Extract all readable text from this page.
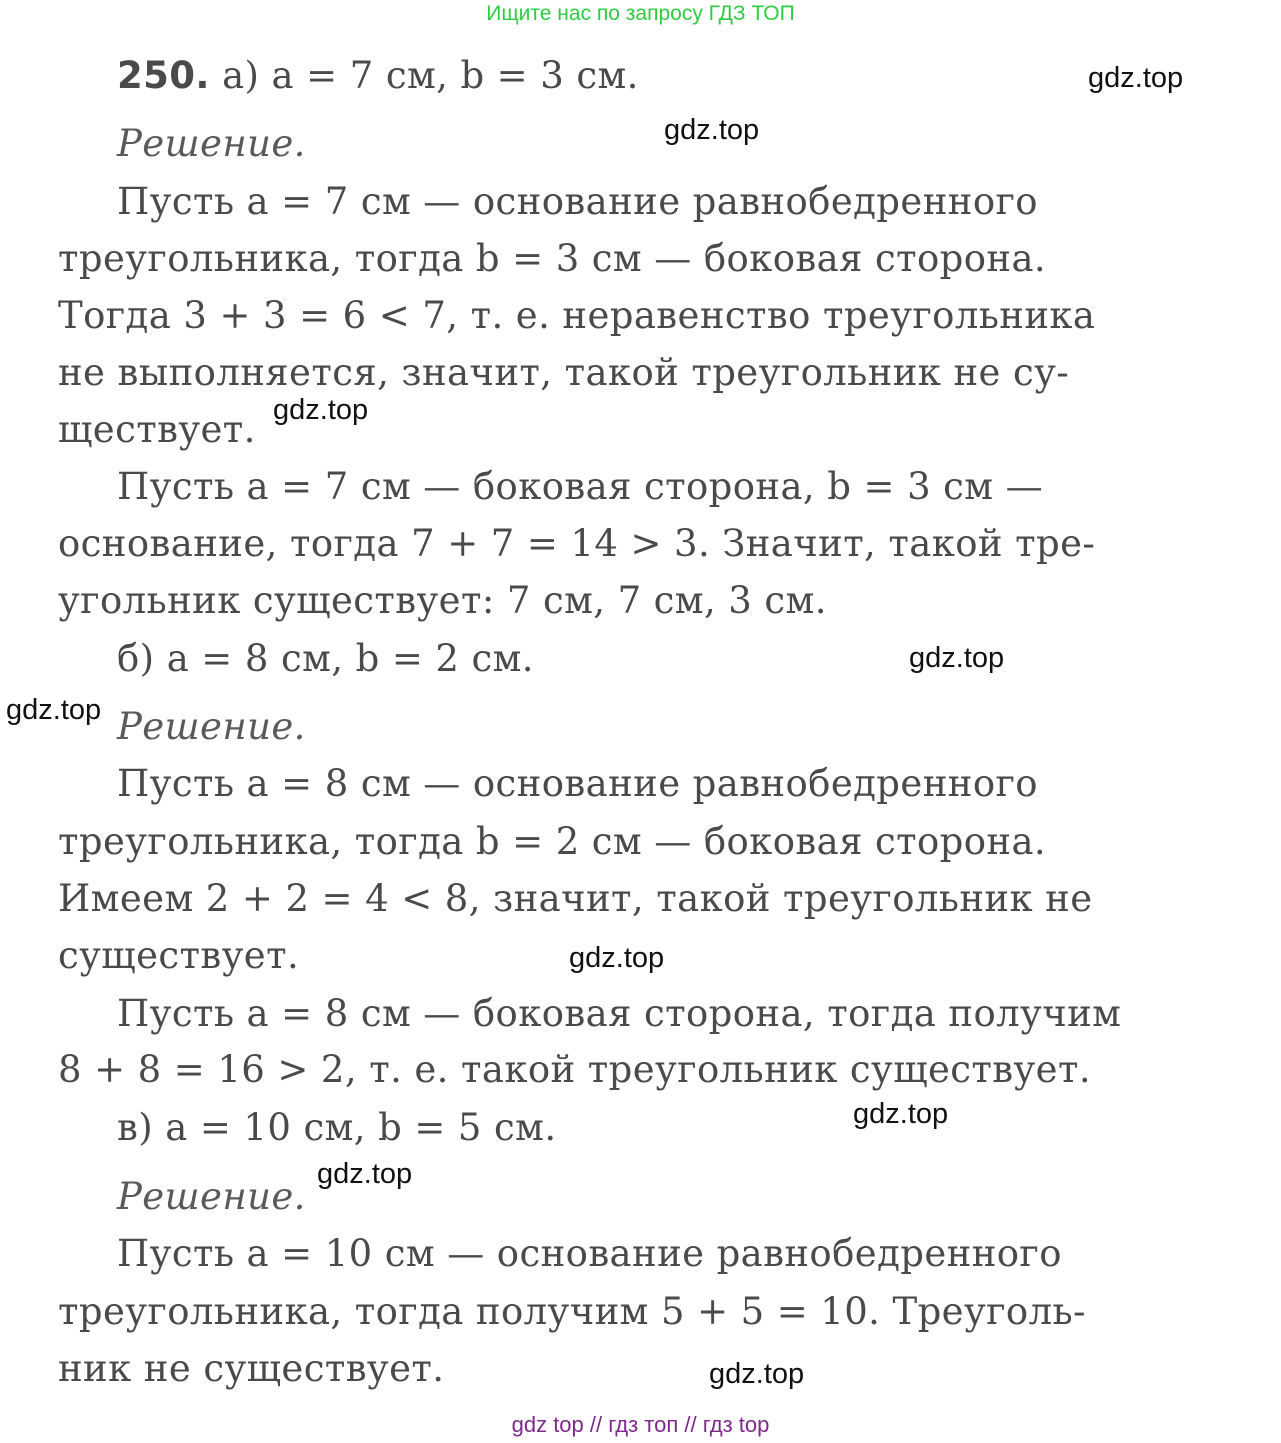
Ищите нас по запросу ГДЗ ТОП
250. а) a = 7 см, b = 3 см.
Решение.
Пусть a = 7 см — основание равнобедренного
треугольника, тогда b = 3 см — боковая сторона.
Тогда 3 + 3 = 6 < 7, т. е. неравенство треугольника
не выполняется, значит, такой треугольник не су-
ществует.
Пусть a = 7 см — боковая сторона, b = 3 см —
основание, тогда 7 + 7 = 14 > 3. Значит, такой тре-
угольник существует: 7 см, 7 см, 3 см.
б) a = 8 см, b = 2 см.
Решение.
Пусть a = 8 см — основание равнобедренного
треугольника, тогда b = 2 см — боковая сторона.
Имеем 2 + 2 = 4 < 8, значит, такой треугольник не
существует.
Пусть a = 8 см — боковая сторона, тогда получим
8 + 8 = 16 > 2, т. е. такой треугольник существует.
в) a = 10 см, b = 5 см.
Решение.
Пусть a = 10 см — основание равнобедренного
треугольника, тогда получим 5 + 5 = 10. Треуголь-
ник не существует.
gdz.top
gdz.top
gdz.top
gdz.top
gdz.top
gdz.top
gdz.top
gdz.top
gdz.top
gdz top // гдз топ // гдз top
